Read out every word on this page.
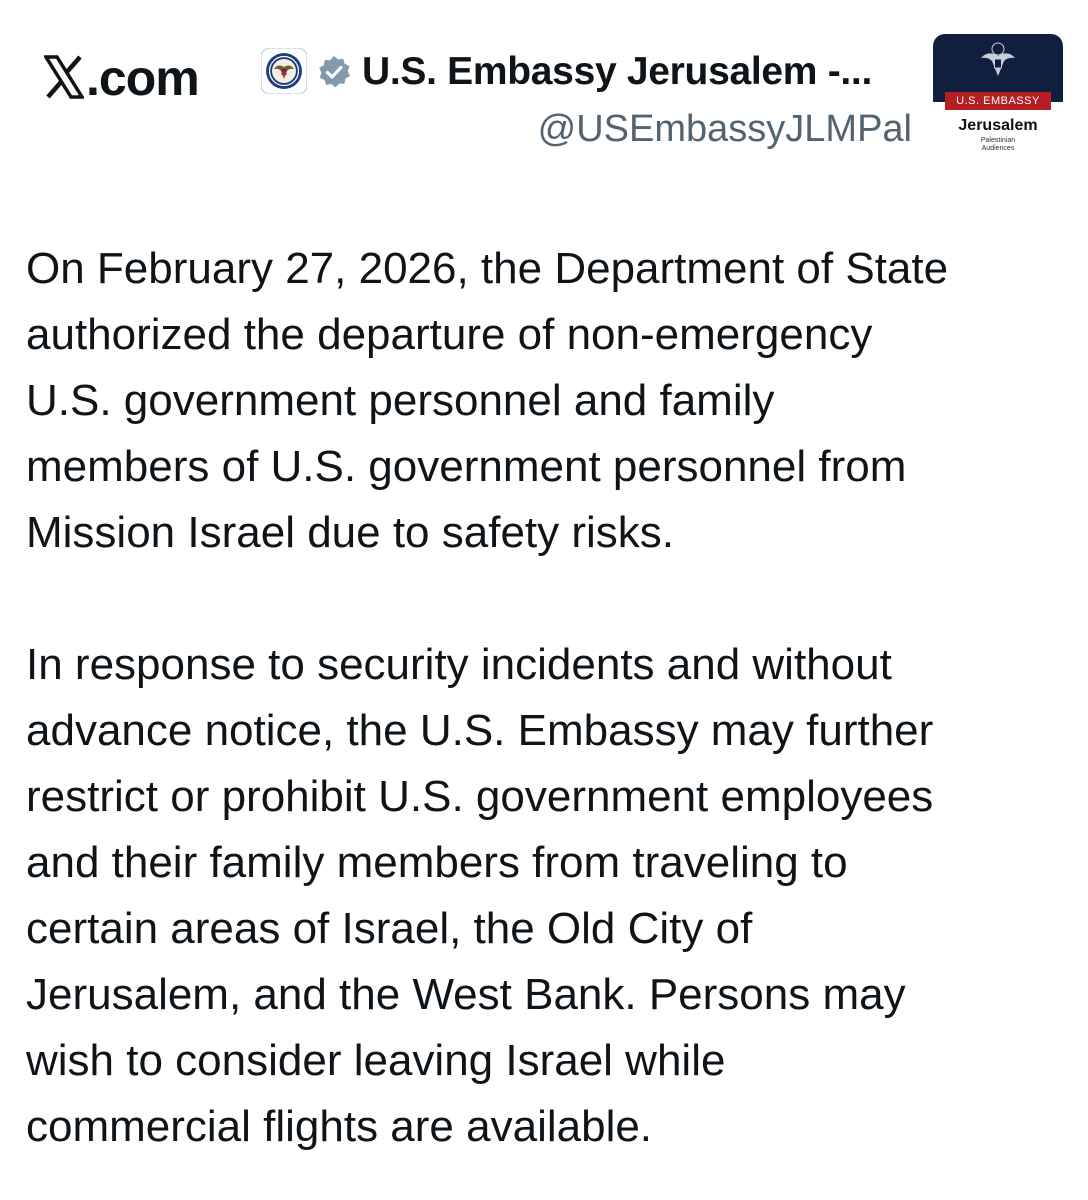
.com	U.S. Embassy Jerusalem -...
@USEmbassyJLMPal
U.S. EMBASSY
Jerusalem
Palestinian
Audiences

On February 27, 2026, the Department of State
authorized the departure of non-emergency
U.S. government personnel and family
members of U.S. government personnel from
Mission Israel due to safety risks.

In response to security incidents and without
advance notice, the U.S. Embassy may further
restrict or prohibit U.S. government employees
and their family members from traveling to
certain areas of Israel, the Old City of
Jerusalem, and the West Bank. Persons may
wish to consider leaving Israel while
commercial flights are available.
